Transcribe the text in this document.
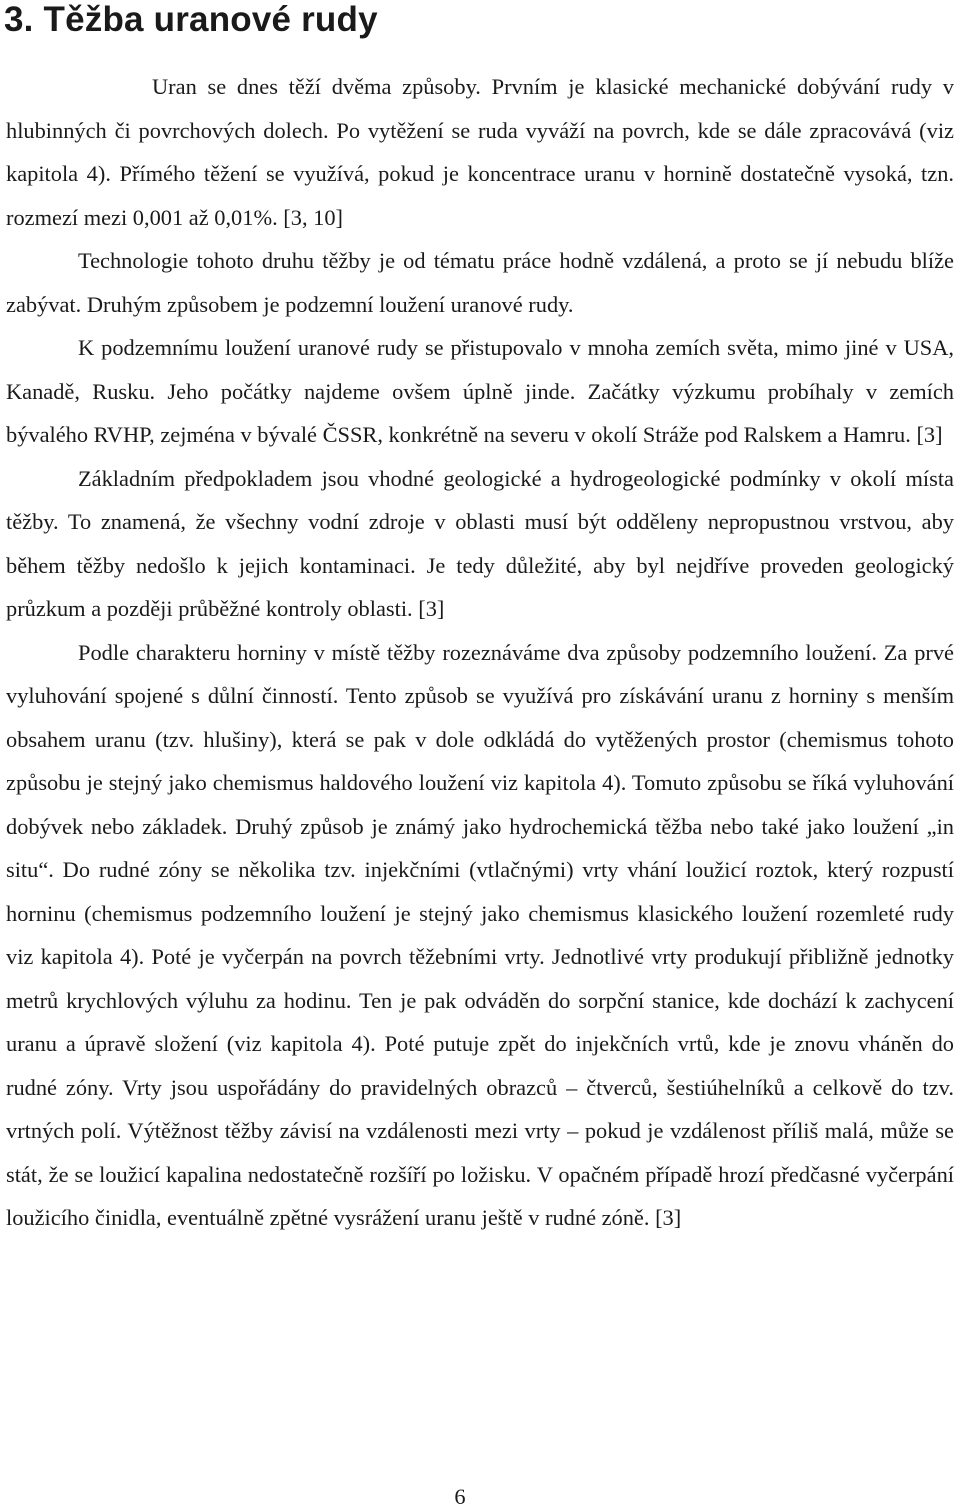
3. Těžba uranové rudy

Uran se dnes těží dvěma způsoby. Prvním je klasické mechanické dobývání rudy v hlubinných či povrchových dolech. Po vytěžení se ruda vyváží na povrch, kde se dále zpracovává (viz kapitola 4). Přímého těžení se využívá, pokud je koncentrace uranu v hornině dostatečně vysoká, tzn. rozmezí mezi 0,001 až 0,01%. [3, 10]

Technologie tohoto druhu těžby je od tématu práce hodně vzdálená, a proto se jí nebudu blíže zabývat. Druhým způsobem je podzemní loužení uranové rudy.

K podzemnímu loužení uranové rudy se přistupovalo v mnoha zemích světa, mimo jiné v USA, Kanadě, Rusku. Jeho počátky najdeme ovšem úplně jinde. Začátky výzkumu probíhaly v zemích bývalého RVHP, zejména v bývalé ČSSR, konkrétně na severu v okolí Stráže pod Ralskem a Hamru. [3]

Základním předpokladem jsou vhodné geologické a hydrogeologické podmínky v okolí místa těžby. To znamená, že všechny vodní zdroje v oblasti musí být odděleny nepropustnou vrstvou, aby během těžby nedošlo k jejich kontaminaci. Je tedy důležité, aby byl nejdříve proveden geologický průzkum a později průběžné kontroly oblasti. [3]

Podle charakteru horniny v místě těžby rozeznáváme dva způsoby podzemního loužení. Za prvé vyluhování spojené s důlní činností. Tento způsob se využívá pro získávání uranu z horniny s menším obsahem uranu (tzv. hlušiny), která se pak v dole odkládá do vytěžených prostor (chemismus tohoto způsobu je stejný jako chemismus haldového loužení viz kapitola 4). Tomuto způsobu se říká vyluhování dobývek nebo základek. Druhý způsob je známý jako hydrochemická těžba nebo také jako loužení „in situ“. Do rudné zóny se několika tzv. injekčními (vtlačnými) vrty vhání loužicí roztok, který rozpustí horninu (chemismus podzemního loužení je stejný jako chemismus klasického loužení rozemleté rudy viz kapitola 4). Poté je vyčerpán na povrch těžebními vrty. Jednotlivé vrty produkují přibližně jednotky metrů krychlových výluhu za hodinu. Ten je pak odváděn do sorpční stanice, kde dochází k zachycení uranu a úpravě složení (viz kapitola 4). Poté putuje zpět do injekčních vrtů, kde je znovu vháněn do rudné zóny. Vrty jsou uspořádány do pravidelných obrazců – čtverců, šestiúhelníků a celkově do tzv. vrtných polí. Výtěžnost těžby závisí na vzdálenosti mezi vrty – pokud je vzdálenost příliš malá, může se stát, že se loužicí kapalina nedostatečně rozšíří po ložisku. V opačném případě hrozí předčasné vyčerpání loužicího činidla, eventuálně zpětné vysrážení uranu ještě v rudné zóně. [3]

6
